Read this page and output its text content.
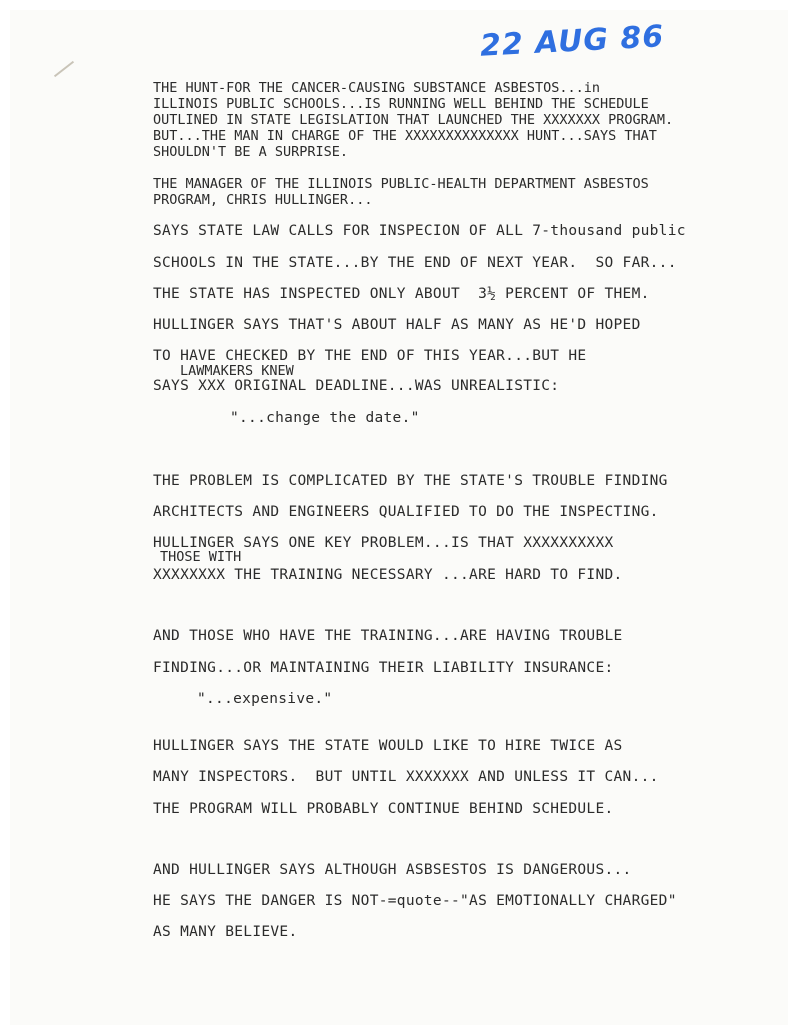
22 AUG 86

THE HUNT-FOR THE CANCER-CAUSING SUBSTANCE ASBESTOS...in

ILLINOIS PUBLIC SCHOOLS...IS RUNNING WELL BEHIND THE SCHEDULE

OUTLINED IN STATE LEGISLATION THAT LAUNCHED THE XXXXXXX PROGRAM.

BUT...THE MAN IN CHARGE OF THE XXXXXXXXXXXXXX HUNT...SAYS THAT

SHOULDN'T BE A SURPRISE.

THE MANAGER OF THE ILLINOIS PUBLIC-HEALTH DEPARTMENT ASBESTOS

PROGRAM, CHRIS HULLINGER...

SAYS STATE LAW CALLS FOR INSPECION OF ALL 7-thousand public

SCHOOLS IN THE STATE...BY THE END OF NEXT YEAR.  SO FAR...

THE STATE HAS INSPECTED ONLY ABOUT  3½ PERCENT OF THEM.

HULLINGER SAYS THAT'S ABOUT HALF AS MANY AS HE'D HOPED

TO HAVE CHECKED BY THE END OF THIS YEAR...BUT HE

LAWMAKERS KNEW

SAYS XXX ORIGINAL DEADLINE...WAS UNREALISTIC:

"...change the date."

THE PROBLEM IS COMPLICATED BY THE STATE'S TROUBLE FINDING

ARCHITECTS AND ENGINEERS QUALIFIED TO DO THE INSPECTING.

HULLINGER SAYS ONE KEY PROBLEM...IS THAT XXXXXXXXXX

THOSE WITH

XXXXXXXX THE TRAINING NECESSARY ...ARE HARD TO FIND.

AND THOSE WHO HAVE THE TRAINING...ARE HAVING TROUBLE

FINDING...OR MAINTAINING THEIR LIABILITY INSURANCE:

"...expensive."

HULLINGER SAYS THE STATE WOULD LIKE TO HIRE TWICE AS

MANY INSPECTORS.  BUT UNTIL XXXXXXX AND UNLESS IT CAN...

THE PROGRAM WILL PROBABLY CONTINUE BEHIND SCHEDULE.

AND HULLINGER SAYS ALTHOUGH ASBSESTOS IS DANGEROUS...

HE SAYS THE DANGER IS NOT-=quote--"AS EMOTIONALLY CHARGED"

AS MANY BELIEVE.
